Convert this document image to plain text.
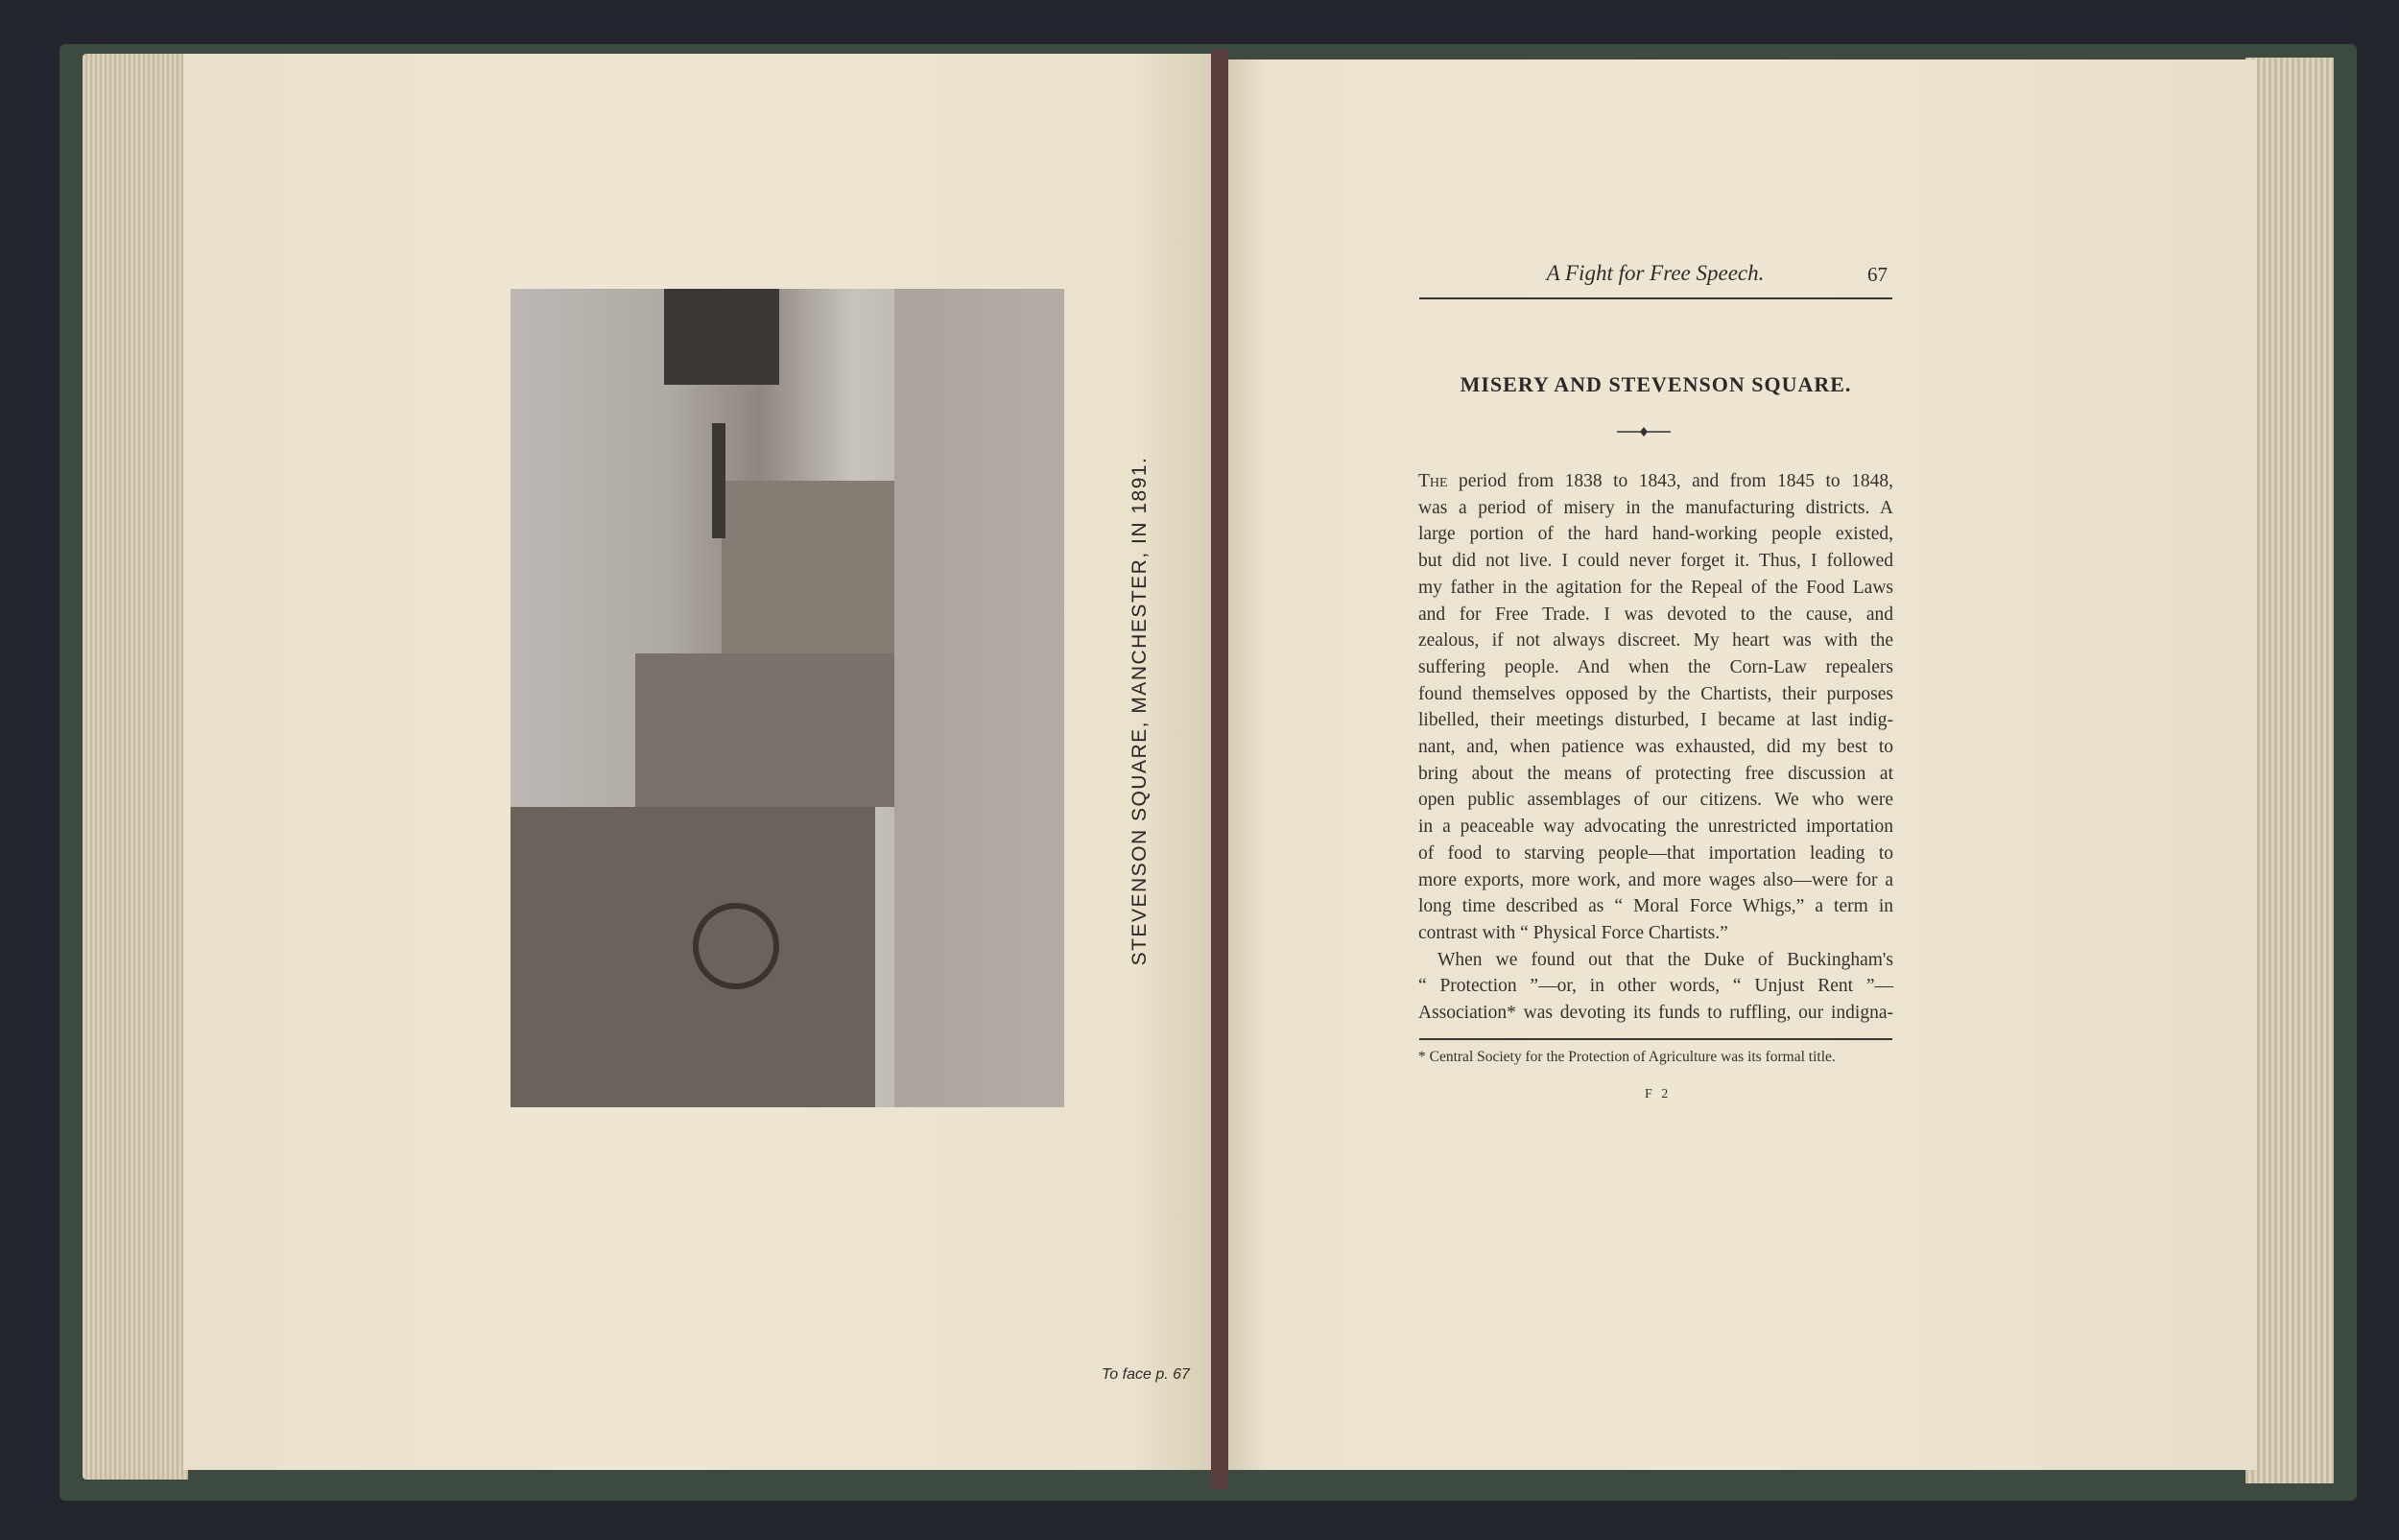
STEVENSON SQUARE, MANCHESTER, IN 1891.
To face p. 67
A Fight for Free Speech.	67
MISERY AND STEVENSON SQUARE.
The period from 1838 to 1843, and from 1845 to 1848,
was a period of misery in the manufacturing districts. A
large portion of the hard hand-working people existed,
but did not live. I could never forget it. Thus, I followed
my father in the agitation for the Repeal of the Food Laws
and for Free Trade. I was devoted to the cause, and
zealous, if not always discreet. My heart was with the
suffering people. And when the Corn-Law repealers
found themselves opposed by the Chartists, their purposes
libelled, their meetings disturbed, I became at last indig-
nant, and, when patience was exhausted, did my best to
bring about the means of protecting free discussion at
open public assemblages of our citizens. We who were
in a peaceable way advocating the unrestricted importation
of food to starving people—that importation leading to
more exports, more work, and more wages also—were for a
long time described as “ Moral Force Whigs,” a term in
contrast with “ Physical Force Chartists.”
When we found out that the Duke of Buckingham's
“ Protection ”—or, in other words, “ Unjust Rent ”—
Association* was devoting its funds to ruffling, our indigna-
* Central Society for the Protection of Agriculture was its formal title.
F 2
